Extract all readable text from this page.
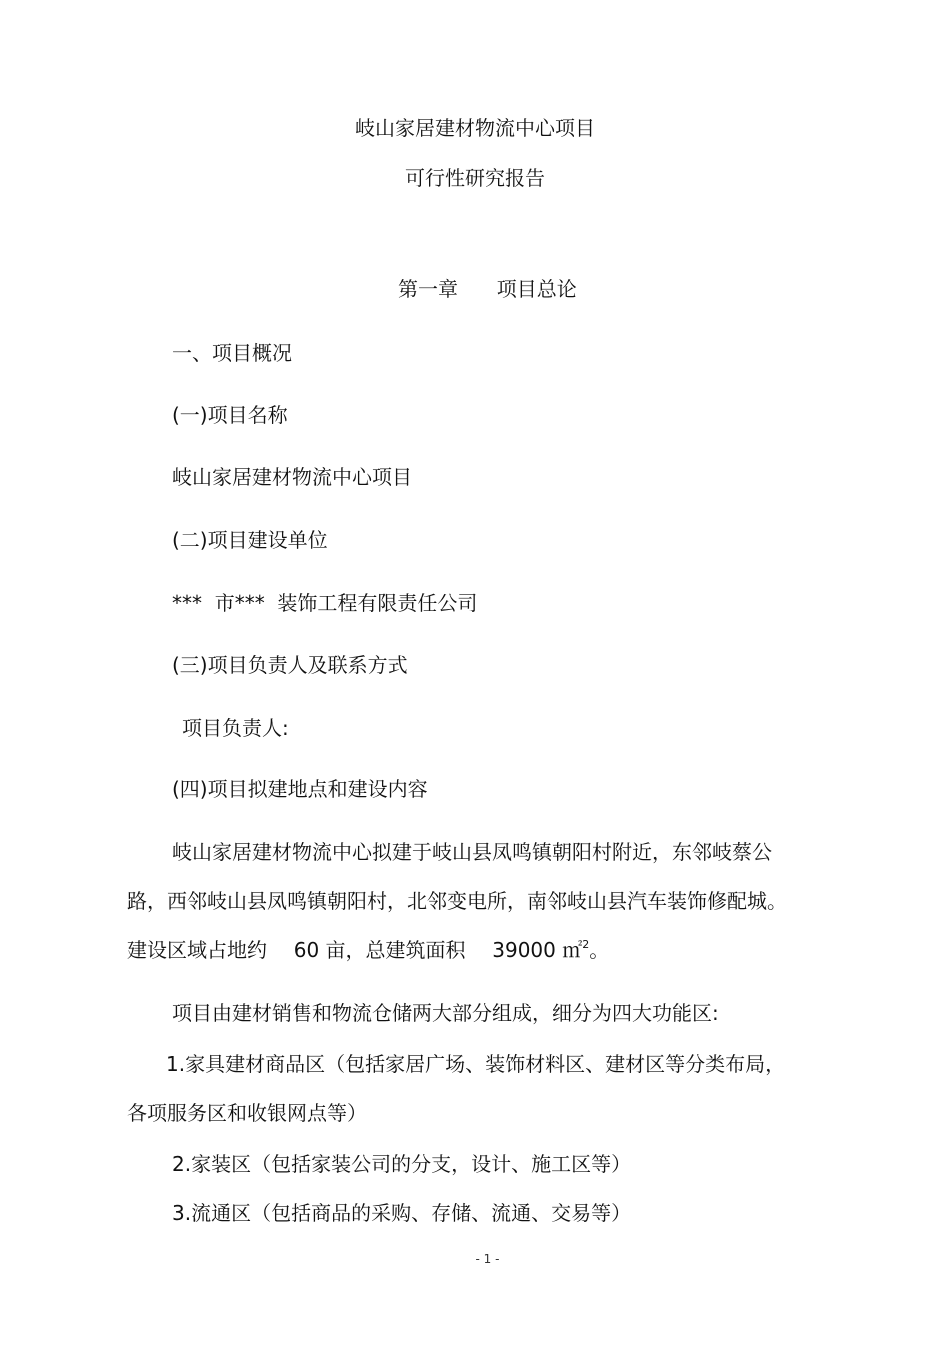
岐山家居建材物流中心项目
可行性研究报告
第一章 项目总论
一、项目概况
(一)项目名称
岐山家居建材物流中心项目
(二)项目建设单位
***  市***  装饰工程有限责任公司
(三)项目负责人及联系方式
项目负责人:
(四)项目拟建地点和建设内容
岐山家居建材物流中心拟建于岐山县凤鸣镇朝阳村附近，东邻岐蔡公
路，西邻岐山县凤鸣镇朝阳村，北邻变电所，南邻岐山县汽车装饰修配城。
建设区域占地约 60 亩，总建筑面积 39000 ㎡$^2$。
项目由建材销售和物流仓储两大部分组成，细分为四大功能区:
1.家具建材商品区（包括家居广场、装饰材料区、建材区等分类布局，
各项服务区和收银网点等）
2.家装区（包括家装公司的分支，设计、施工区等）
3.流通区（包括商品的采购、存储、流通、交易等）
- 1 -
